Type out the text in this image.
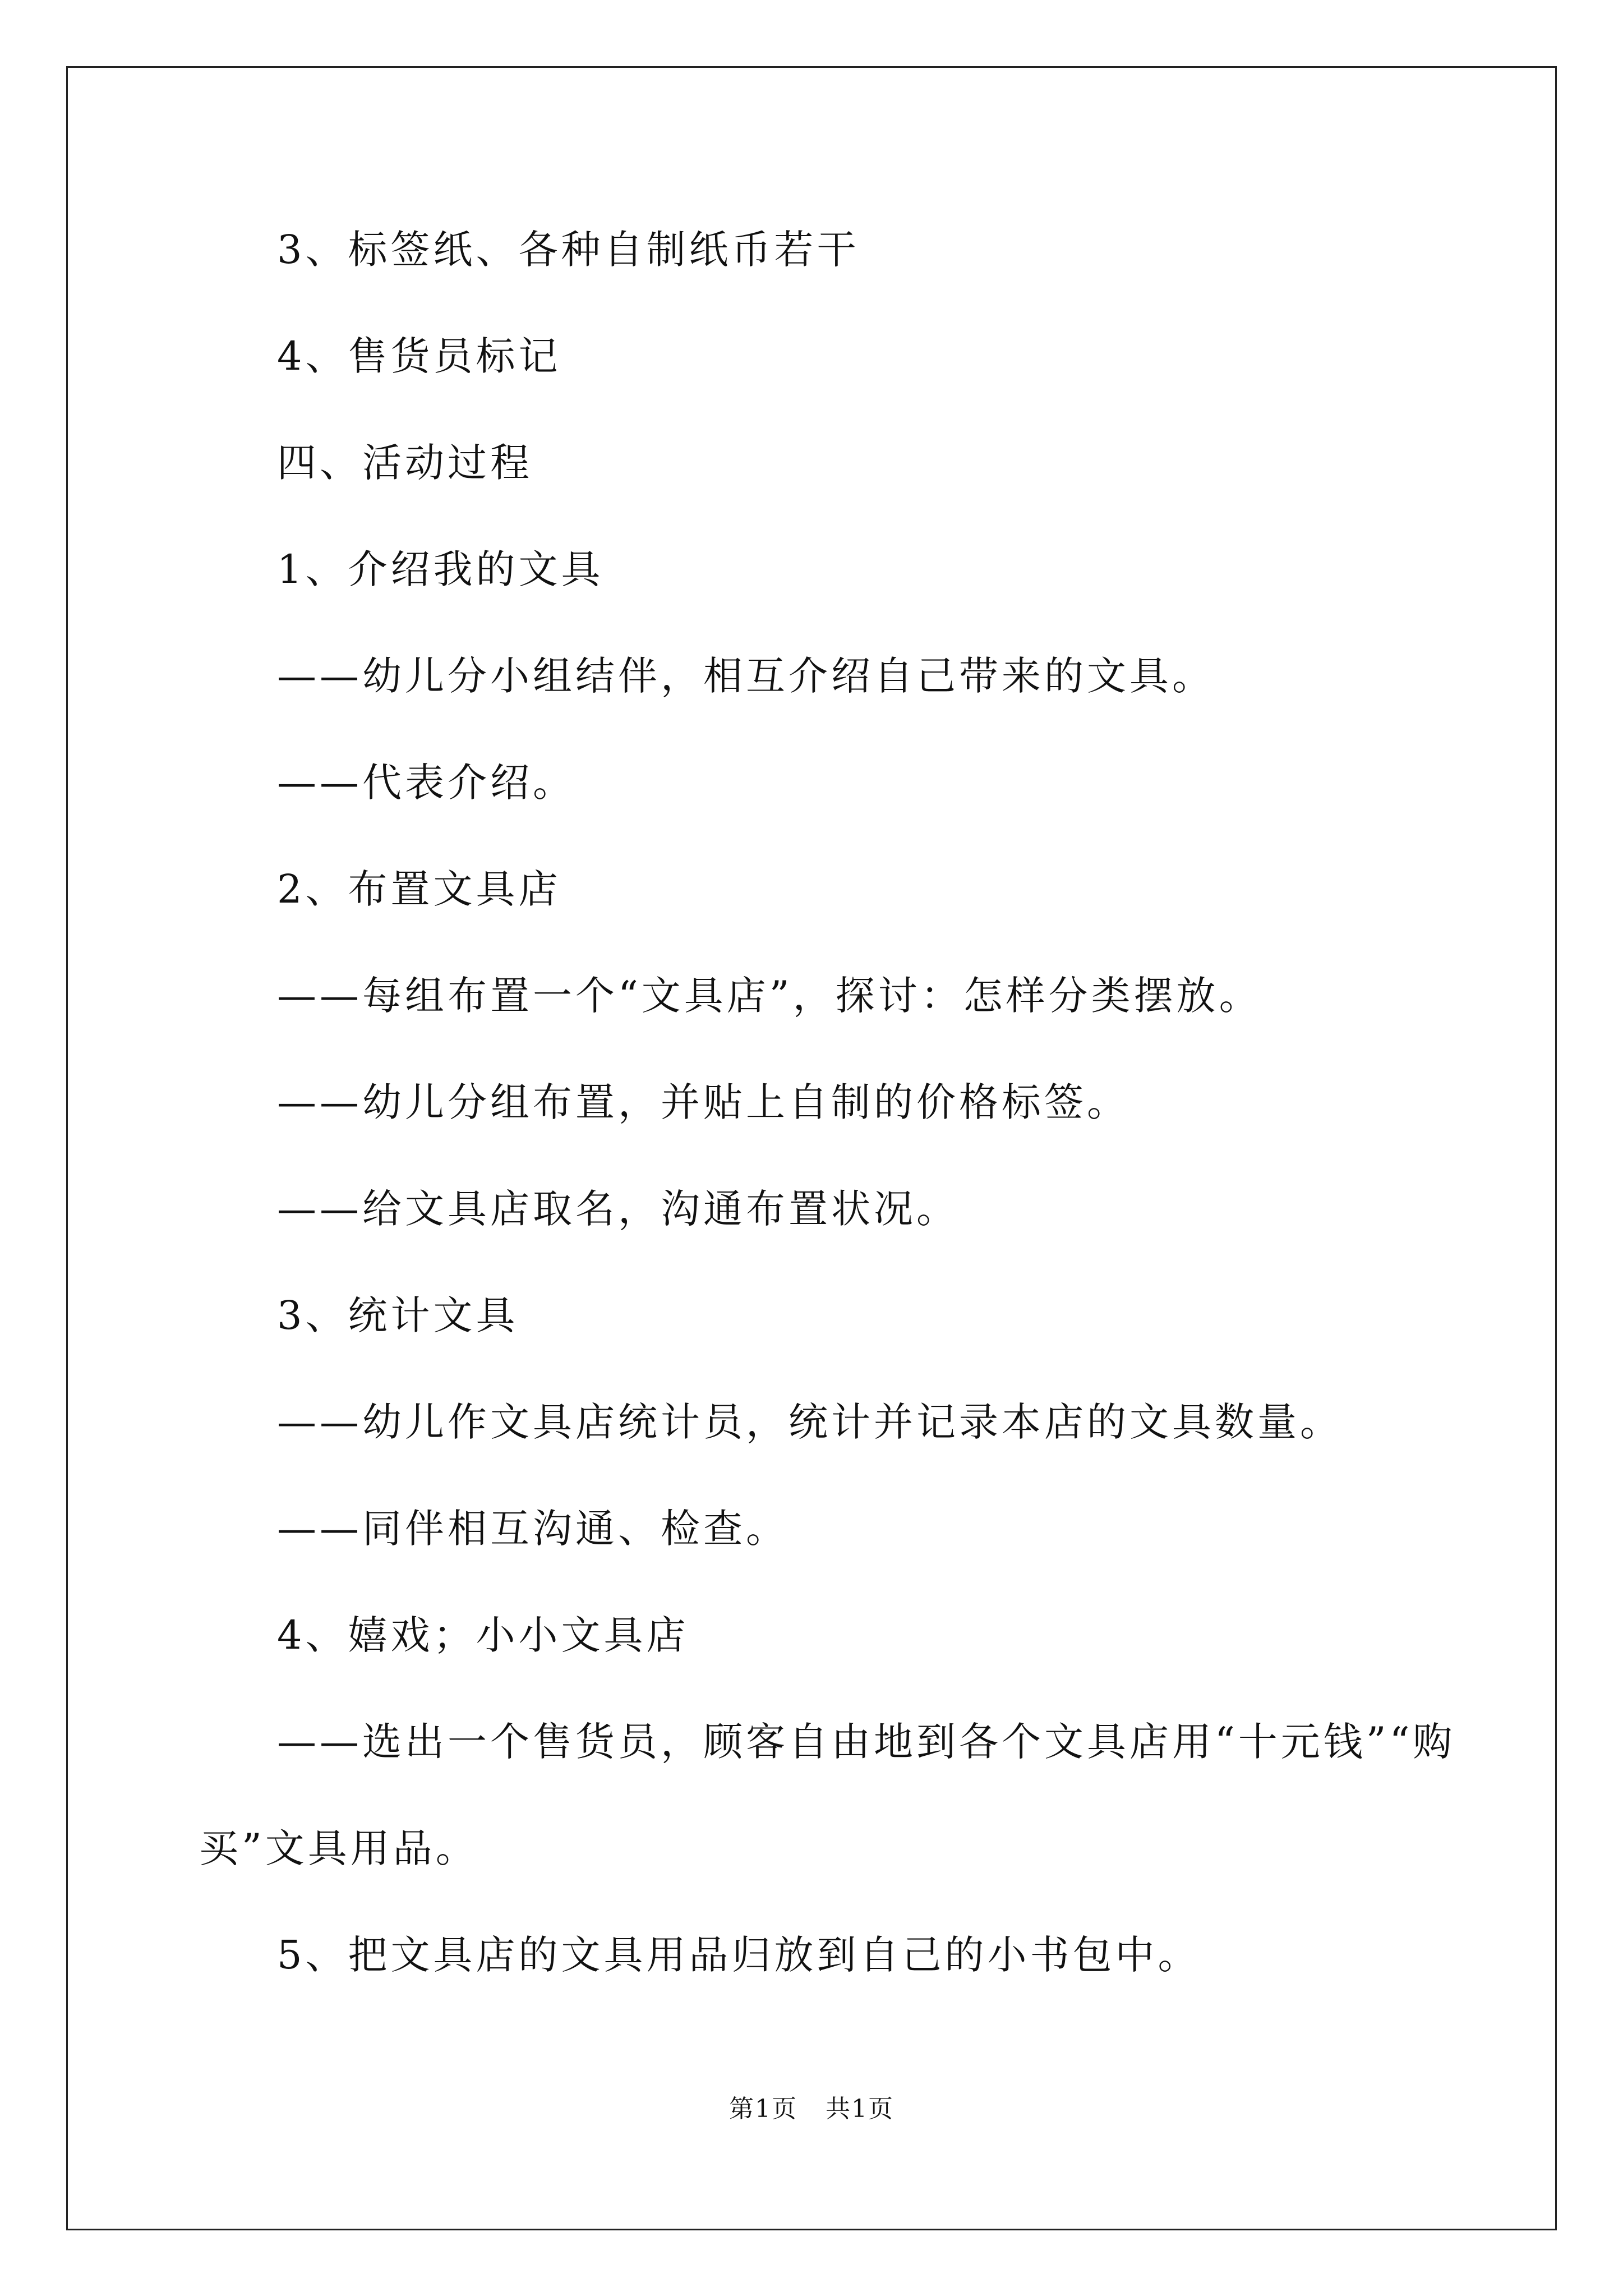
3、标签纸、各种自制纸币若干
4、售货员标记
四、活动过程
1、介绍我的文具
——幼儿分小组结伴，相互介绍自己带来的文具。
——代表介绍。
2、布置文具店
——每组布置一个“文具店”，探讨：怎样分类摆放。
——幼儿分组布置，并贴上自制的价格标签。
——给文具店取名，沟通布置状况。
3、统计文具
——幼儿作文具店统计员，统计并记录本店的文具数量。
——同伴相互沟通、检查。
4、嬉戏；小小文具店
——选出一个售货员，顾客自由地到各个文具店用“十元钱”“购
买”文具用品。
5、把文具店的文具用品归放到自己的小书包中。
第1页 共1页
